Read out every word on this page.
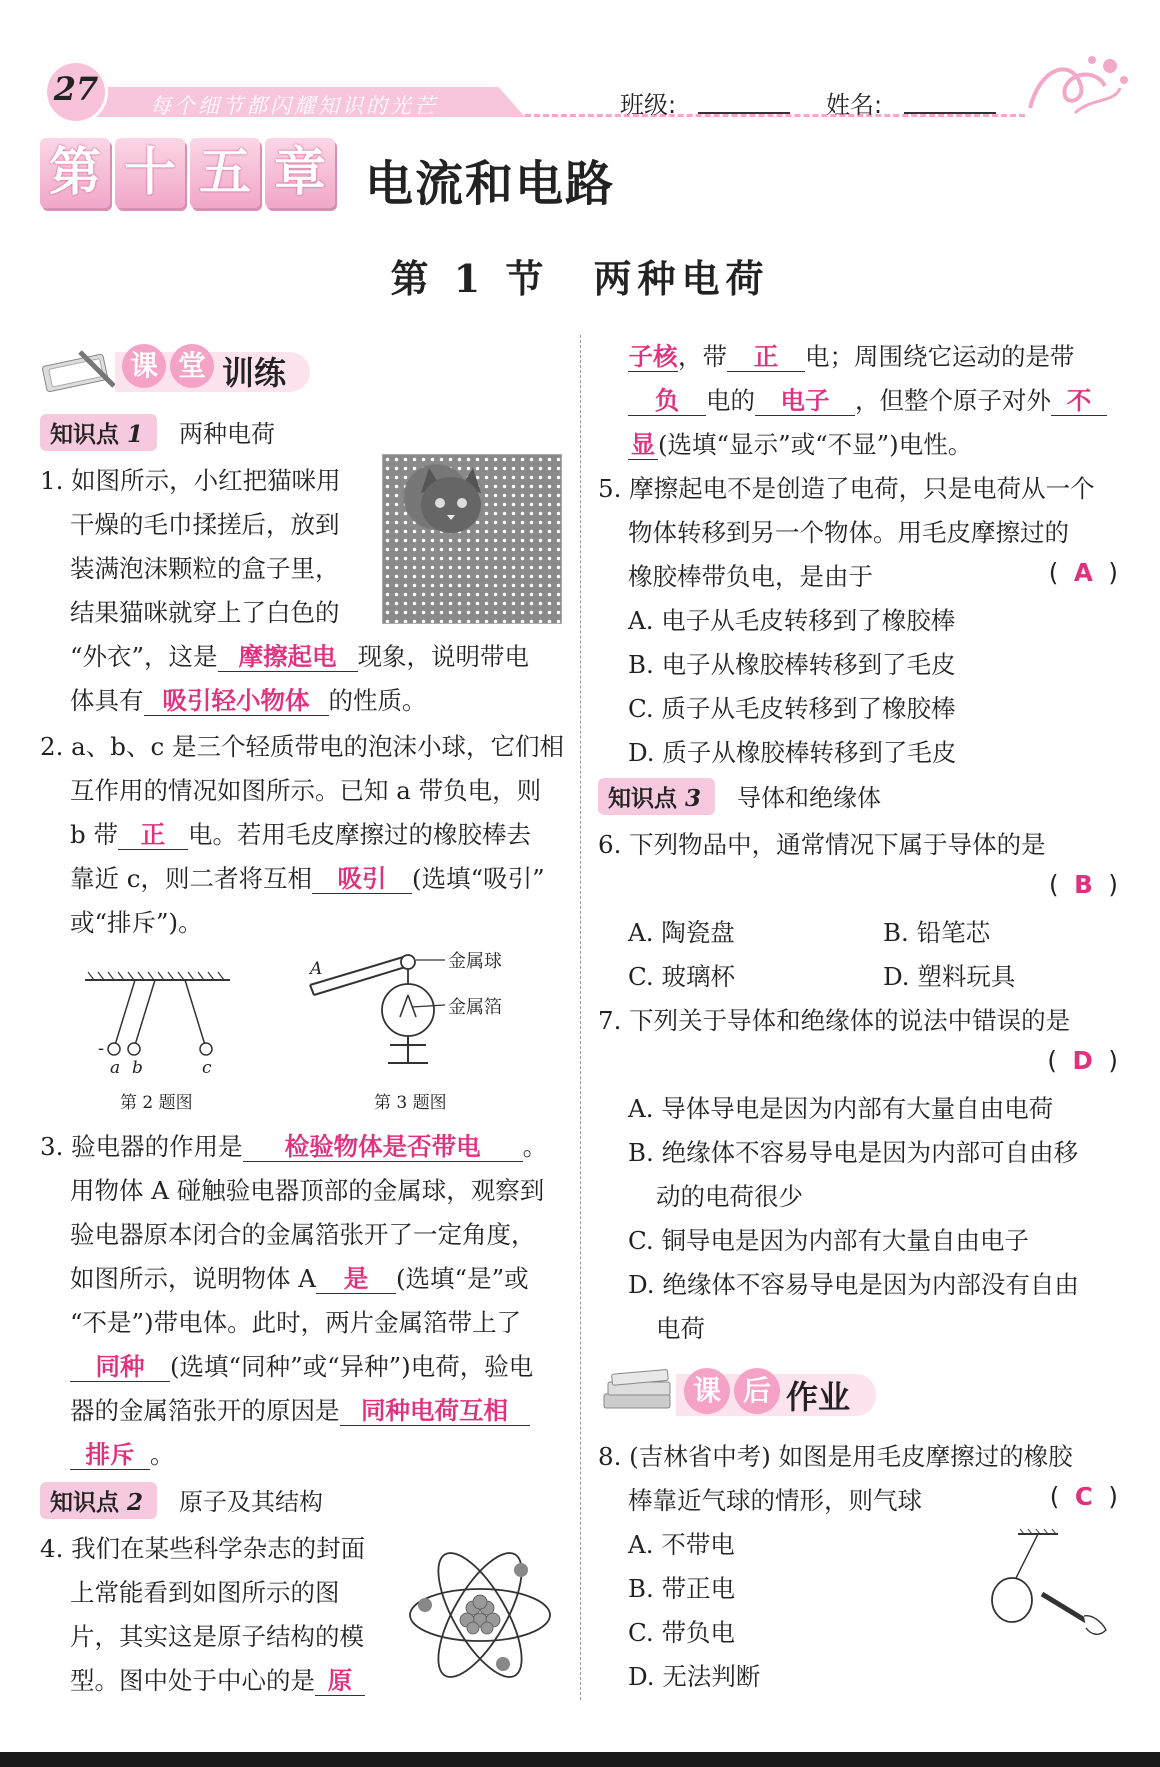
27	每个细节都闪耀知识的光芒	班级:	姓名:
第 十 五 章 电流和电路
第 1 节　两种电荷
课 堂 训练
知识点 1 两种电荷
1. 如图所示，小红把猫咪用
干燥的毛巾揉搓后，放到
装满泡沫颗粒的盒子里，
结果猫咪就穿上了白色的
“外衣”，这是 摩擦起电 现象，说明带电
体具有 吸引轻小物体 的性质。
2. a、b、c 是三个轻质带电的泡沫小球，它们相
互作用的情况如图所示。已知 a 带负电，则
b 带 正 电。若用毛皮摩擦过的橡胶棒去
靠近 c，则二者将互相 吸引 (选填“吸引”
或“排斥”)。
-
a b	c
第 2 题图
A	金属球
金属箔
第 3 题图
3. 验电器的作用是 检验物体是否带电 。
用物体 A 碰触验电器顶部的金属球，观察到
验电器原本闭合的金属箔张开了一定角度，
如图所示，说明物体 A 是 (选填“是”或
“不是”)带电体。此时，两片金属箔带上了
同种 (选填“同种”或“异种”)电荷，验电
器的金属箔张开的原因是 同种电荷互相
排斥 。
知识点 2 原子及其结构
4. 我们在某些科学杂志的封面
上常能看到如图所示的图
片，其实这是原子结构的模
型。图中处于中心的是 原
子核，带 正 电；周围绕它运动的是带
负 电的 电子 ，但整个原子对外 不
显 (选填“显示”或“不显”)电性。
5. 摩擦起电不是创造了电荷，只是电荷从一个
物体转移到另一个物体。用毛皮摩擦过的
橡胶棒带负电，是由于	(  A  )
A. 电子从毛皮转移到了橡胶棒
B. 电子从橡胶棒转移到了毛皮
C. 质子从毛皮转移到了橡胶棒
D. 质子从橡胶棒转移到了毛皮
知识点 3 导体和绝缘体
6. 下列物品中，通常情况下属于导体的是
(  B  )
A. 陶瓷盘	B. 铅笔芯
C. 玻璃杯	D. 塑料玩具
7. 下列关于导体和绝缘体的说法中错误的是
(  D  )
A. 导体导电是因为内部有大量自由电荷
B. 绝缘体不容易导电是因为内部可自由移
动的电荷很少
C. 铜导电是因为内部有大量自由电子
D. 绝缘体不容易导电是因为内部没有自由
电荷
课 后 作业
8. (吉林省中考) 如图是用毛皮摩擦过的橡胶
棒靠近气球的情形，则气球	(  C  )
A. 不带电
B. 带正电
C. 带负电
D. 无法判断
